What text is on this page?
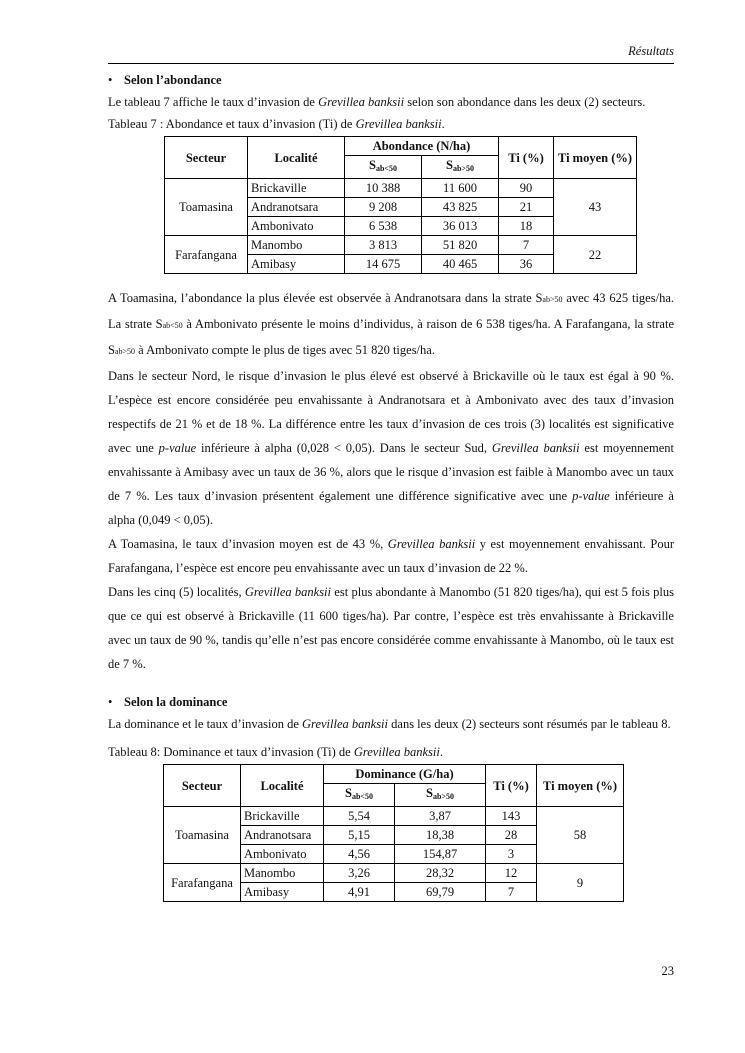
Résultats
• Selon l’abondance

Le tableau 7 affiche le taux d’invasion de Grevillea banksii selon son abondance dans les deux (2) secteurs.

Tableau 7 : Abondance et taux d’invasion (Ti) de Grevillea banksii.
Secteur	Localité	Abondance (N/ha)		Ti (%)	Ti moyen (%)
		$S_{ab<50}$	$S_{ab>50}$
Toamasina	Brickaville	10 388	11 600	90	43
	Andranotsara	9 208	43 825	21	
	Ambonivato	6 538	36 013	18	
Farafangana	Manombo	3 813	51 820	7	22
	Amibasy	14 675	40 465	36	

A Toamasina, l’abondance la plus élevée est observée à Andranotsara dans la strate Sab>50 avec 43 625 tiges/ha. La strate Sab<50 à Ambonivato présente le moins d’individus, à raison de 6 538 tiges/ha. A Farafangana, la strate Sab>50 à Ambonivato compte le plus de tiges avec 51 820 tiges/ha.

Dans le secteur Nord, le risque d’invasion le plus élevé est observé à Brickaville où le taux est égal à 90 %. L’espèce est encore considérée peu envahissante à Andranotsara et à Ambonivato avec des taux d’invasion respectifs de 21 % et de 18 %. La différence entre les taux d’invasion de ces trois (3) localités est significative avec une p-value inférieure à alpha (0,028 < 0,05). Dans le secteur Sud, Grevillea banksii est moyennement envahissante à Amibasy avec un taux de 36 %, alors que le risque d’invasion est faible à Manombo avec un taux de 7 %. Les taux d’invasion présentent également une différence significative avec une p-value inférieure à alpha (0,049 < 0,05).

A Toamasina, le taux d’invasion moyen est de 43 %, Grevillea banksii y est moyennement envahissant. Pour Farafangana, l’espèce est encore peu envahissante avec un taux d’invasion de 22 %.

Dans les cinq (5) localités, Grevillea banksii est plus abondante à Manombo (51 820 tiges/ha), qui est 5 fois plus que ce qui est observé à Brickaville (11 600 tiges/ha). Par contre, l’espèce est très envahissante à Brickaville avec un taux de 90 %, tandis qu’elle n’est pas encore considérée comme envahissante à Manombo, où le taux est de 7 %.

• Selon la dominance

La dominance et le taux d’invasion de Grevillea banksii dans les deux (2) secteurs sont résumés par le tableau 8.

Tableau 8: Dominance et taux d’invasion (Ti) de Grevillea banksii.
Secteur	Localité	Dominance (G/ha)		Ti (%)	Ti moyen (%)
		$S_{ab<50}$	$S_{ab>50}$
Toamasina	Brickaville	5,54	3,87	143	58
	Andranotsara	5,15	18,38	28	
	Ambonivato	4,56	154,87	3	
Farafangana	Manombo	3,26	28,32	12	9
	Amibasy	4,91	69,79	7	
23
